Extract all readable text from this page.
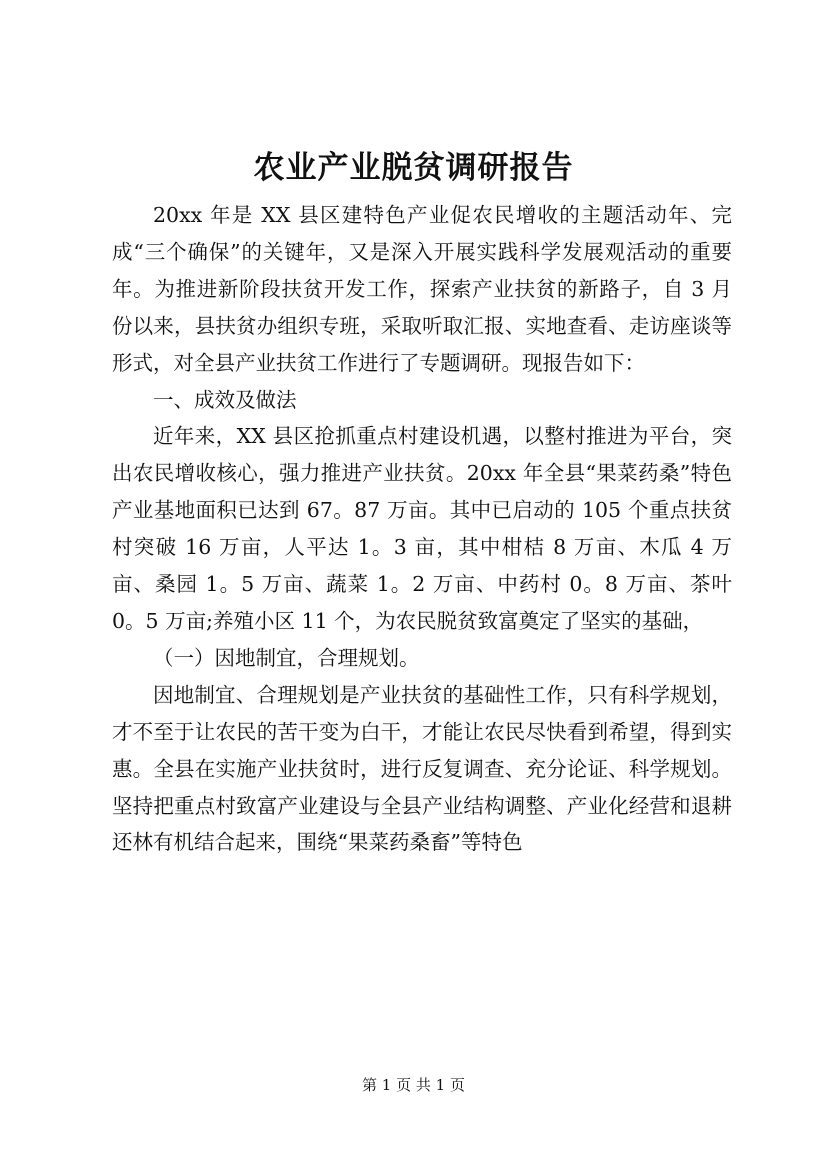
农业产业脱贫调研报告

20xx 年是 XX 县区建特色产业促农民增收的主题活动年、完成“三个确保”的关键年，又是深入开展实践科学发展观活动的重要年。为推进新阶段扶贫开发工作，探索产业扶贫的新路子，自 3 月份以来，县扶贫办组织专班，采取听取汇报、实地查看、走访座谈等形式，对全县产业扶贫工作进行了专题调研。现报告如下：

一、成效及做法

近年来，XX 县区抢抓重点村建设机遇，以整村推进为平台，突出农民增收核心，强力推进产业扶贫。20xx 年全县“果菜药桑”特色产业基地面积已达到 67。87 万亩。其中已启动的 105 个重点扶贫村突破 16 万亩，人平达 1。3 亩，其中柑桔 8 万亩、木瓜 4 万亩、桑园 1。5 万亩、蔬菜 1。2 万亩、中药村 0。8 万亩、茶叶 0。5 万亩;养殖小区 11 个，为农民脱贫致富奠定了坚实的基础，

（一）因地制宜，合理规划。

因地制宜、合理规划是产业扶贫的基础性工作，只有科学规划，才不至于让农民的苦干变为白干，才能让农民尽快看到希望，得到实惠。全县在实施产业扶贫时，进行反复调查、充分论证、科学规划。坚持把重点村致富产业建设与全县产业结构调整、产业化经营和退耕还林有机结合起来，围绕“果菜药桑畜”等特色

第 1 页 共 1 页
